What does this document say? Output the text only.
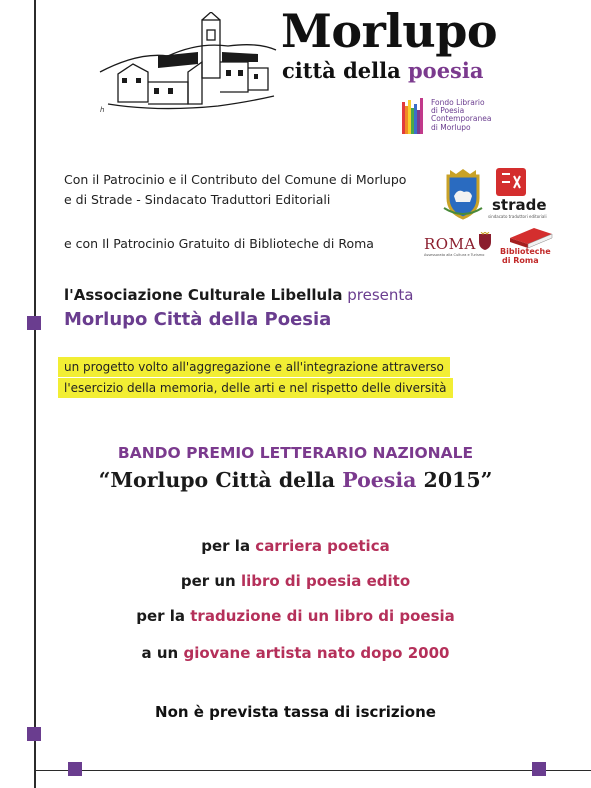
h
Morlupo
città della poesia
Fondo Librario
di Poesia
Contemporanea
di Morlupo
Con il Patrocinio e il Contributo del Comune di Morlupo
e di Strade - Sindacato Traduttori Editoriali
e con Il Patrocinio Gratuito di Biblioteche di Roma
strade
sindacato traduttori editoriali
ROMA
Assessorato alla Cultura e Turismo Biblioteche
di Roma
l'Associazione Culturale Libellula presenta
Morlupo Città della Poesia
un progetto volto all'aggregazione e all'integrazione attraverso
l'esercizio della memoria, delle arti e nel rispetto delle diversità
BANDO PREMIO LETTERARIO NAZIONALE
“Morlupo Città della Poesia 2015”
per la carriera poetica
per un libro di poesia edito
per la traduzione di un libro di poesia
a un giovane artista nato dopo 2000
Non è prevista tassa di iscrizione
